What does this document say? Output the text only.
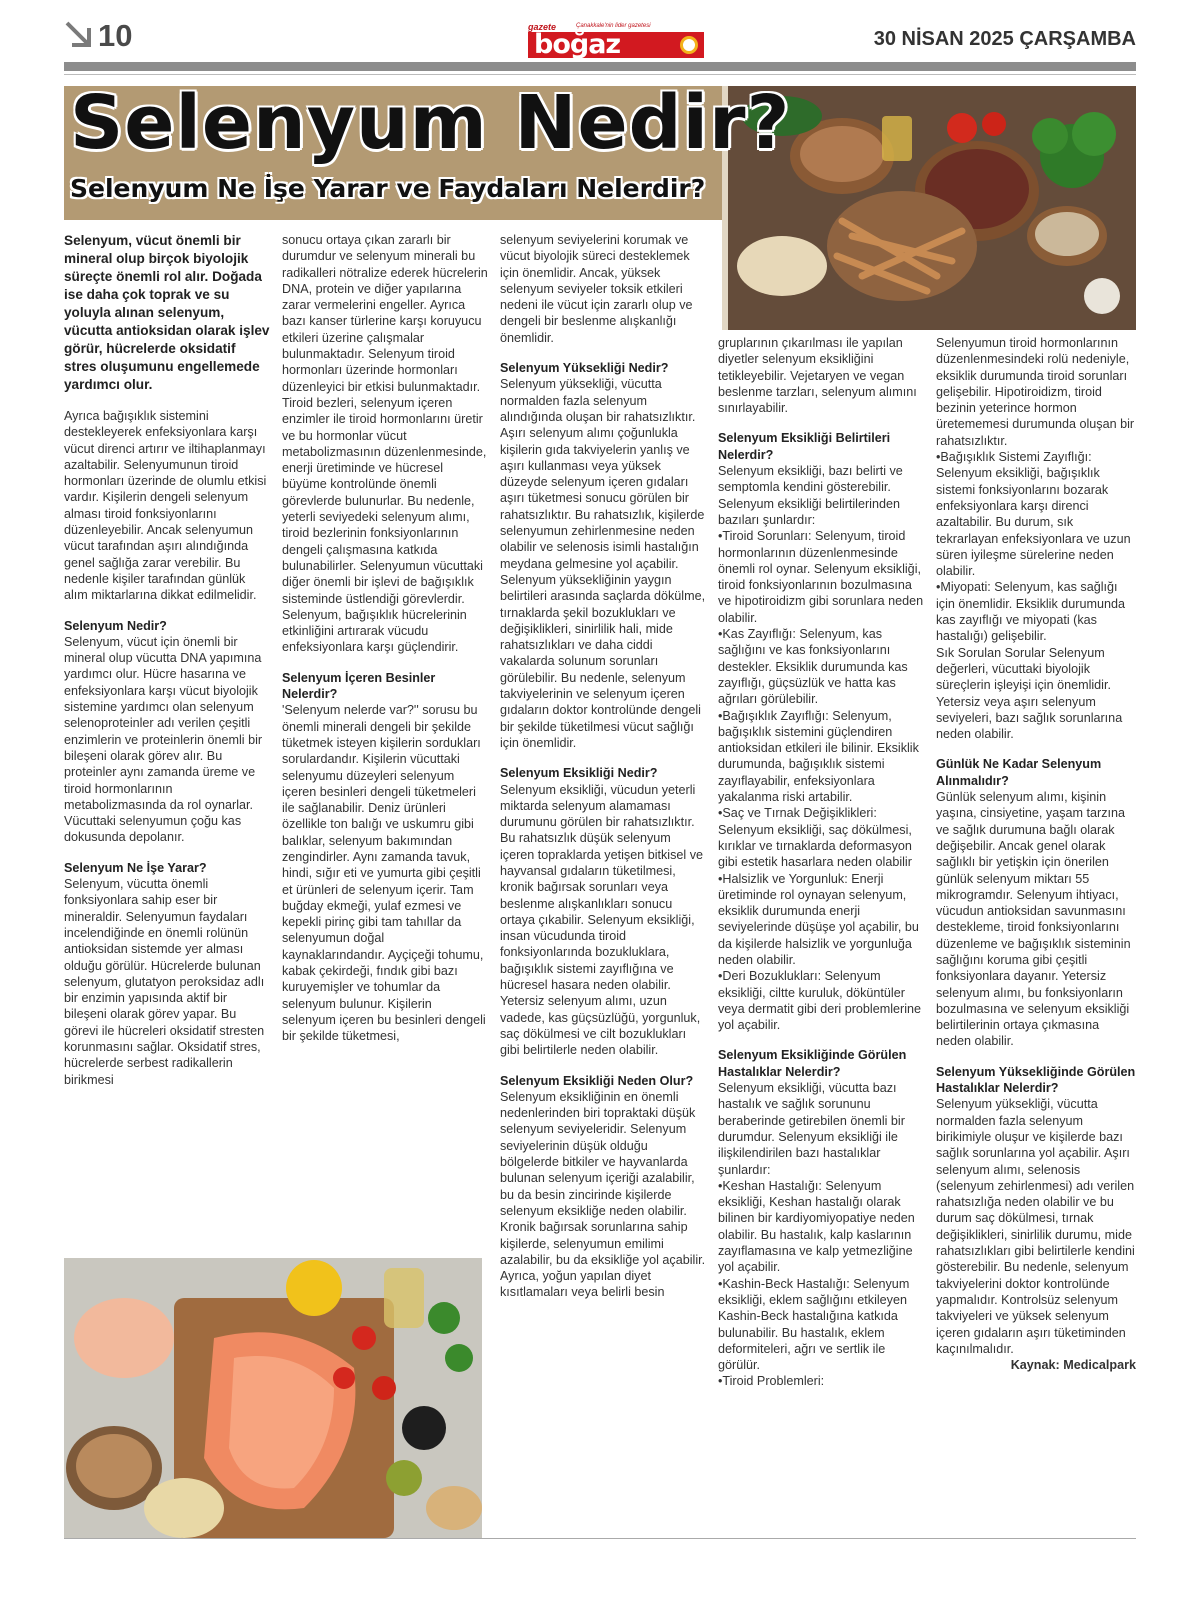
10	gazete	Çanakkale'nin lider gazetesi
boğaz	30 NİSAN 2025 ÇARŞAMBA
Selenyum Nedir?
Selenyum Ne İşe Yarar ve Faydaları Nelerdir?

Selenyum, vücut önemli bir mineral olup birçok biyolojik süreçte önemli rol alır. Doğada ise daha çok toprak ve su yoluyla alınan selenyum, vücutta antioksidan olarak işlev görür, hücrelerde oksidatif stres oluşumunu engellemede yardımcı olur.

Ayrıca bağışıklık sistemini destekleyerek enfeksiyonlara karşı vücut direnci artırır ve iltihaplanmayı azaltabilir. Selenyumunun tiroid hormonları üzerinde de olumlu etkisi vardır. Kişilerin dengeli selenyum alması tiroid fonksiyonlarını düzenleyebilir. Ancak selenyumun vücut tarafından aşırı alındığında genel sağlığa zarar verebilir. Bu nedenle kişiler tarafından günlük alım miktarlarına dikkat edilmelidir.

Selenyum Nedir?

Selenyum, vücut için önemli bir mineral olup vücutta DNA yapımına yardımcı olur. Hücre hasarına ve enfeksiyonlara karşı vücut biyolojik sistemine yardımcı olan selenyum selenoproteinler adı verilen çeşitli enzimlerin ve proteinlerin önemli bir bileşeni olarak görev alır. Bu proteinler aynı zamanda üreme ve tiroid hormonlarının metabolizmasında da rol oynarlar. Vücuttaki selenyumun çoğu kas dokusunda depolanır.

Selenyum Ne İşe Yarar?

Selenyum, vücutta önemli fonksiyonlara sahip eser bir mineraldir. Selenyumun faydaları incelendiğinde en önemli rolünün antioksidan sistemde yer alması olduğu görülür. Hücrelerde bulunan selenyum, glutatyon peroksidaz adlı bir enzimin yapısında aktif bir bileşeni olarak görev yapar. Bu görevi ile hücreleri oksidatif stresten korunmasını sağlar. Oksidatif stres, hücrelerde serbest radikallerin birikmesi

sonucu ortaya çıkan zararlı bir durumdur ve selenyum minerali bu radikalleri nötralize ederek hücrelerin DNA, protein ve diğer yapılarına zarar vermelerini engeller. Ayrıca bazı kanser türlerine karşı koruyucu etkileri üzerine çalışmalar bulunmaktadır. Selenyum tiroid hormonları üzerinde hormonları düzenleyici bir etkisi bulunmaktadır. Tiroid bezleri, selenyum içeren enzimler ile tiroid hormonlarını üretir ve bu hormonlar vücut metabolizmasının düzenlenmesinde, enerji üretiminde ve hücresel büyüme kontrolünde önemli görevlerde bulunurlar. Bu nedenle, yeterli seviyedeki selenyum alımı, tiroid bezlerinin fonksiyonlarının dengeli çalışmasına katkıda bulunabilirler. Selenyumun vücuttaki diğer önemli bir işlevi de bağışıklık sisteminde üstlendiği görevlerdir. Selenyum, bağışıklık hücrelerinin etkinliğini artırarak vücudu enfeksiyonlara karşı güçlendirir.

Selenyum İçeren Besinler Nelerdir?

'Selenyum nelerde var?'' sorusu bu önemli minerali dengeli bir şekilde tüketmek isteyen kişilerin sordukları sorulardandır. Kişilerin vücuttaki selenyumu düzeyleri selenyum içeren besinleri dengeli tüketmeleri ile sağlanabilir. Deniz ürünleri özellikle ton balığı ve uskumru gibi balıklar, selenyum bakımından zengindirler. Aynı zamanda tavuk, hindi, sığır eti ve yumurta gibi çeşitli et ürünleri de selenyum içerir. Tam buğday ekmeği, yulaf ezmesi ve kepekli pirinç gibi tam tahıllar da selenyumun doğal kaynaklarındandır. Ayçiçeği tohumu, kabak çekirdeği, fındık gibi bazı kuruyemişler ve tohumlar da selenyum bulunur. Kişilerin selenyum içeren bu besinleri dengeli bir şekilde tüketmesi,

selenyum seviyelerini korumak ve vücut biyolojik süreci desteklemek için önemlidir. Ancak, yüksek selenyum seviyeler toksik etkileri nedeni ile vücut için zararlı olup ve dengeli bir beslenme alışkanlığı önemlidir.

Selenyum Yüksekliği Nedir?

Selenyum yüksekliği, vücutta normalden fazla selenyum alındığında oluşan bir rahatsızlıktır. Aşırı selenyum alımı çoğunlukla kişilerin gıda takviyelerin yanlış ve aşırı kullanması veya yüksek düzeyde selenyum içeren gıdaları aşırı tüketmesi sonucu görülen bir rahatsızlıktır. Bu rahatsızlık, kişilerde selenyumun zehirlenmesine neden olabilir ve selenosis isimli hastalığın meydana gelmesine yol açabilir. Selenyum yüksekliğinin yaygın belirtileri arasında saçlarda dökülme, tırnaklarda şekil bozuklukları ve değişiklikleri, sinirlilik hali, mide rahatsızlıkları ve daha ciddi vakalarda solunum sorunları görülebilir. Bu nedenle, selenyum takviyelerinin ve selenyum içeren gıdaların doktor kontrolünde dengeli bir şekilde tüketilmesi vücut sağlığı için önemlidir.

Selenyum Eksikliği Nedir?

Selenyum eksikliği, vücudun yeterli miktarda selenyum alamaması durumunu görülen bir rahatsızlıktır. Bu rahatsızlık düşük selenyum içeren topraklarda yetişen bitkisel ve hayvansal gıdaların tüketilmesi, kronik bağırsak sorunları veya beslenme alışkanlıkları sonucu ortaya çıkabilir. Selenyum eksikliği, insan vücudunda tiroid fonksiyonlarında bozukluklara, bağışıklık sistemi zayıflığına ve hücresel hasara neden olabilir. Yetersiz selenyum alımı, uzun vadede, kas güçsüzlüğü, yorgunluk, saç dökülmesi ve cilt bozuklukları gibi belirtilerle neden olabilir.

Selenyum Eksikliği Neden Olur?

Selenyum eksikliğinin en önemli nedenlerinden biri topraktaki düşük selenyum seviyeleridir. Selenyum seviyelerinin düşük olduğu bölgelerde bitkiler ve hayvanlarda bulunan selenyum içeriği azalabilir, bu da besin zincirinde kişilerde selenyum eksikliğe neden olabilir. Kronik bağırsak sorunlarına sahip kişilerde, selenyumun emilimi azalabilir, bu da eksikliğe yol açabilir. Ayrıca, yoğun yapılan diyet kısıtlamaları veya belirli besin

gruplarının çıkarılması ile yapılan diyetler selenyum eksikliğini tetikleyebilir. Vejetaryen ve vegan beslenme tarzları, selenyum alımını sınırlayabilir.

Selenyum Eksikliği Belirtileri Nelerdir?

Selenyum eksikliği, bazı belirti ve semptomla kendini gösterebilir. Selenyum eksikliği belirtilerinden bazıları şunlardır:

•Tiroid Sorunları: Selenyum, tiroid hormonlarının düzenlenmesinde önemli rol oynar. Selenyum eksikliği, tiroid fonksiyonlarının bozulmasına ve hipotiroidizm gibi sorunlara neden olabilir.

•Kas Zayıflığı: Selenyum, kas sağlığını ve kas fonksiyonlarını destekler. Eksiklik durumunda kas zayıflığı, güçsüzlük ve hatta kas ağrıları görülebilir.

•Bağışıklık Zayıflığı: Selenyum, bağışıklık sistemini güçlendiren antioksidan etkileri ile bilinir. Eksiklik durumunda, bağışıklık sistemi zayıflayabilir, enfeksiyonlara yakalanma riski artabilir.

•Saç ve Tırnak Değişiklikleri: Selenyum eksikliği, saç dökülmesi, kırıklar ve tırnaklarda deformasyon gibi estetik hasarlara neden olabilir

•Halsizlik ve Yorgunluk: Enerji üretiminde rol oynayan selenyum, eksiklik durumunda enerji seviyelerinde düşüşe yol açabilir, bu da kişilerde halsizlik ve yorgunluğa neden olabilir.

•Deri Bozuklukları: Selenyum eksikliği, ciltte kuruluk, döküntüler veya dermatit gibi deri problemlerine yol açabilir.

Selenyum Eksikliğinde Görülen Hastalıklar Nelerdir?

Selenyum eksikliği, vücutta bazı hastalık ve sağlık sorununu beraberinde getirebilen önemli bir durumdur. Selenyum eksikliği ile ilişkilendirilen bazı hastalıklar şunlardır:

•Keshan Hastalığı: Selenyum eksikliği, Keshan hastalığı olarak bilinen bir kardiyomiyopatiye neden olabilir. Bu hastalık, kalp kaslarının zayıflamasına ve kalp yetmezliğine yol açabilir.

•Kashin-Beck Hastalığı: Selenyum eksikliği, eklem sağlığını etkileyen Kashin-Beck hastalığına katkıda bulunabilir. Bu hastalık, eklem deformiteleri, ağrı ve sertlik ile görülür.

•Tiroid Problemleri:

Selenyumun tiroid hormonlarının düzenlenmesindeki rolü nedeniyle, eksiklik durumunda tiroid sorunları gelişebilir. Hipotiroidizm, tiroid bezinin yeterince hormon üretememesi durumunda oluşan bir rahatsızlıktır.

•Bağışıklık Sistemi Zayıflığı: Selenyum eksikliği, bağışıklık sistemi fonksiyonlarını bozarak enfeksiyonlara karşı direnci azaltabilir. Bu durum, sık tekrarlayan enfeksiyonlara ve uzun süren iyileşme sürelerine neden olabilir.

•Miyopati: Selenyum, kas sağlığı için önemlidir. Eksiklik durumunda kas zayıflığı ve miyopati (kas hastalığı) gelişebilir.

Sık Sorulan Sorular Selenyum değerleri, vücuttaki biyolojik süreçlerin işleyişi için önemlidir. Yetersiz veya aşırı selenyum seviyeleri, bazı sağlık sorunlarına neden olabilir.

Günlük Ne Kadar Selenyum Alınmalıdır?

Günlük selenyum alımı, kişinin yaşına, cinsiyetine, yaşam tarzına ve sağlık durumuna bağlı olarak değişebilir. Ancak genel olarak sağlıklı bir yetişkin için önerilen günlük selenyum miktarı 55 mikrogramdır. Selenyum ihtiyacı, vücudun antioksidan savunmasını destekleme, tiroid fonksiyonlarını düzenleme ve bağışıklık sisteminin sağlığını koruma gibi çeşitli fonksiyonlara dayanır. Yetersiz selenyum alımı, bu fonksiyonların bozulmasına ve selenyum eksikliği belirtilerinin ortaya çıkmasına neden olabilir.

Selenyum Yüksekliğinde Görülen Hastalıklar Nelerdir?

Selenyum yüksekliği, vücutta normalden fazla selenyum birikimiyle oluşur ve kişilerde bazı sağlık sorunlarına yol açabilir. Aşırı selenyum alımı, selenosis (selenyum zehirlenmesi) adı verilen rahatsızlığa neden olabilir ve bu durum saç dökülmesi, tırnak değişiklikleri, sinirlilik durumu, mide rahatsızlıkları gibi belirtilerle kendini gösterebilir. Bu nedenle, selenyum takviyelerini doktor kontrolünde yapmalıdır. Kontrolsüz selenyum takviyeleri ve yüksek selenyum içeren gıdaların aşırı tüketiminden kaçınılmalıdır.

Kaynak: Medicalpark
